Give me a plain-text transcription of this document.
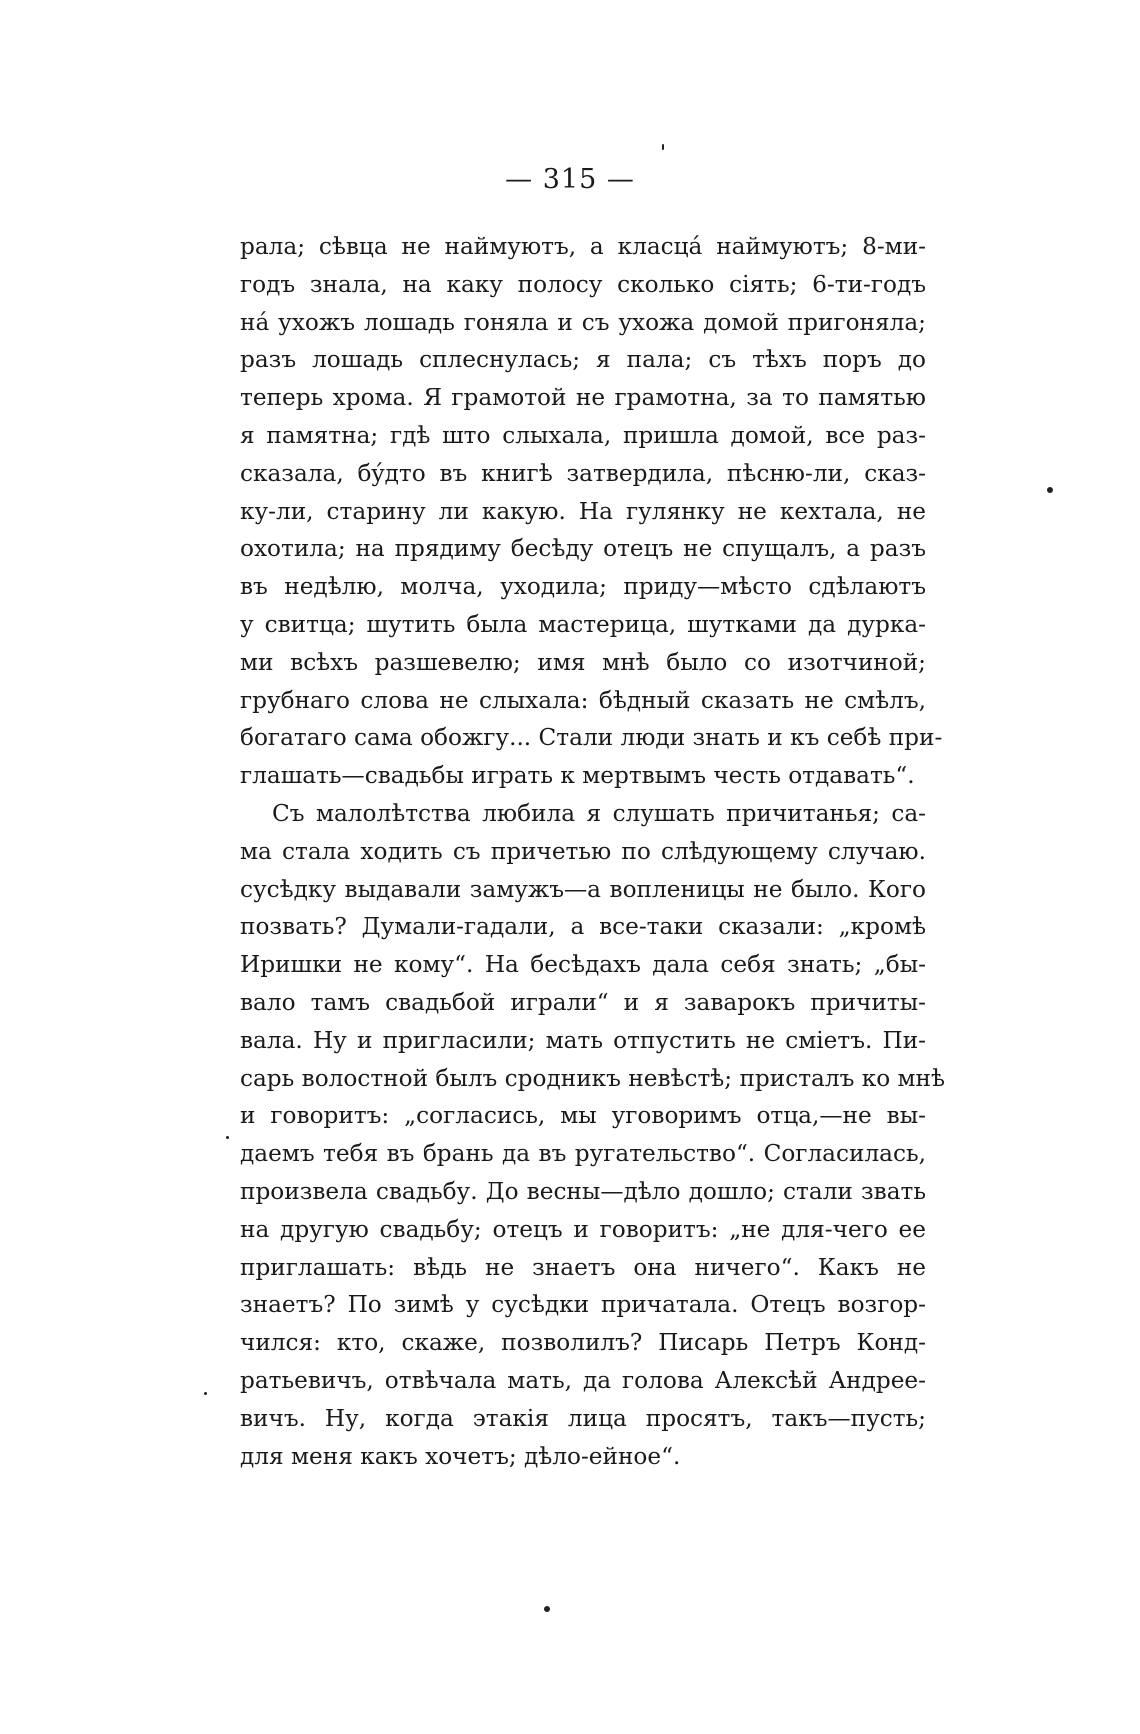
— 315 —
рала; сѣвца не наймуютъ, а класца́ наймуютъ; 8-ми-
годъ знала, на каку полосу сколько сiять; 6-ти-годъ
на́ ухожъ лошадь гоняла и съ ухожа домой пригоняла;
разъ лошадь сплеснулась; я пала; съ тѣхъ поръ до
теперь хрома. Я грамотой не грамотна, за то памятью
я памятна; гдѣ што слыхала, пришла домой, все раз-
сказала, бýдто въ книгѣ затвердила, пѣсню-ли, сказ-
ку-ли, старину ли какую. На гулянку не кехтала, не
охотила; на прядиму бесѣду отецъ не спущалъ, а разъ
въ недѣлю, молча, уходила; приду—мѣсто сдѣлаютъ
у свитца; шутить была мастерица, шутками да дурка-
ми всѣхъ разшевелю; имя мнѣ было со изотчиной;
грубнаго слова не слыхала: бѣдный сказать не смѣлъ,
богатаго сама обожгу... Стали люди знать и къ себѣ при-
глашать—свадьбы играть к мертвымъ честь отдавать“.
Съ малолѣтства любила я слушать причитанья; са-
ма стала ходить съ причетью по слѣдующему случаю.
сусѣдку выдавали замужъ—а вопленицы не было. Кого
позвать? Думали-гадали, а все-таки сказали: „кромѣ
Иришки не кому“. На бесѣдахъ дала себя знать; „бы-
вало тамъ свадьбой играли“ и я заварокъ причиты-
вала. Ну и пригласили; мать отпустить не смiетъ. Пи-
сарь волостной былъ сродникъ невѣстѣ; присталъ ко мнѣ
и говоритъ: „согласись, мы уговоримъ отца,—не вы-
даемъ тебя въ брань да въ ругательство“. Согласилась,
произвела свадьбу. До весны—дѣло дошло; стали звать
на другую свадьбу; отецъ и говоритъ: „не для-чего ее
приглашать: вѣдь не знаетъ она ничего“. Какъ не
знаетъ? По зимѣ у сусѣдки причатала. Отецъ возгор-
чился: кто, скаже, позволилъ? Писарь Петръ Конд-
ратьевичъ, отвѣчала мать, да голова Алексѣй Андрее-
вичъ. Ну, когда этакiя лица просятъ, такъ—пусть;
для меня какъ хочетъ; дѣло-ейное“.
